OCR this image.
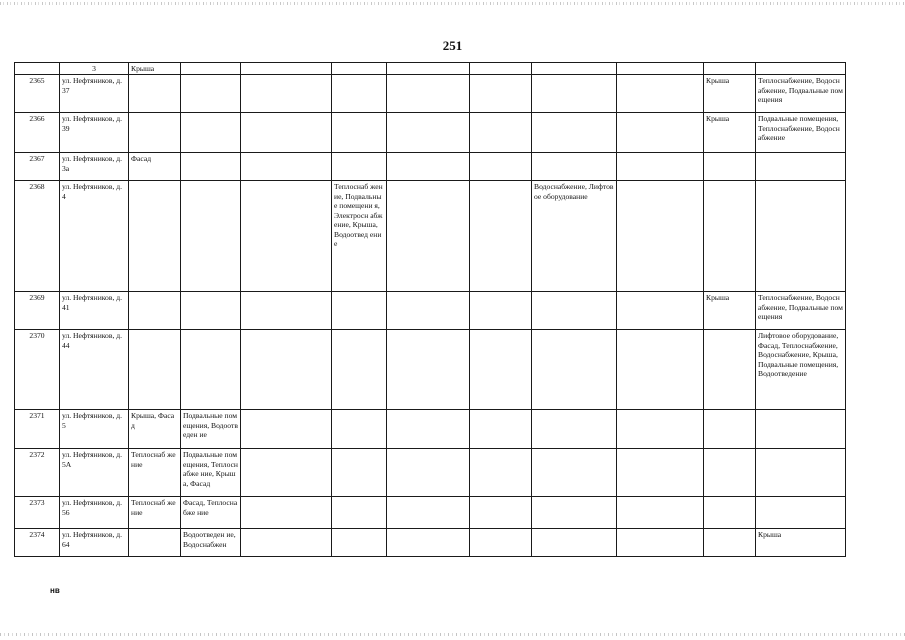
251
	3	Крыша									
2365	ул. Нефтяников, д. 37									Крыша	Теплоснабжение, Водоснабжение, Подвальные помещения
2366	ул. Нефтяников, д. 39									Крыша	Подвальные помещения, Теплоснабжение, Водоснабжение
2367	ул. Нефтяников, д. 3а	Фасад									
2368	ул. Нефтяников, д. 4				Теплоснаб жение, Подвальны е помещени я, Электросн абжение, Крыша, Водоотвед ение			Водоснабжение, Лифтовое оборудование			
2369	ул. Нефтяников, д. 41									Крыша	Теплоснабжение, Водоснабжение, Подвальные помещения
2370	ул. Нефтяников, д. 44										Лифтовое оборудование, Фасад, Теплоснабжение, Водоснабжение, Крыша, Подвальные помещения, Водоотведение
2371	ул. Нефтяников, д. 5	Крыша, Фасад	Подвальные помещения, Водоотведен ие								
2372	ул. Нефтяников, д. 5А	Теплоснаб жение	Подвальные помещения, Теплоснабже ние, Крыша, Фасад								
2373	ул. Нефтяников, д. 56	Теплоснаб жение	Фасад, Теплоснабже ние								
2374	ул. Нефтяников, д. 64		Водоотведен ие, Водоснабжен								Крыша
нв
